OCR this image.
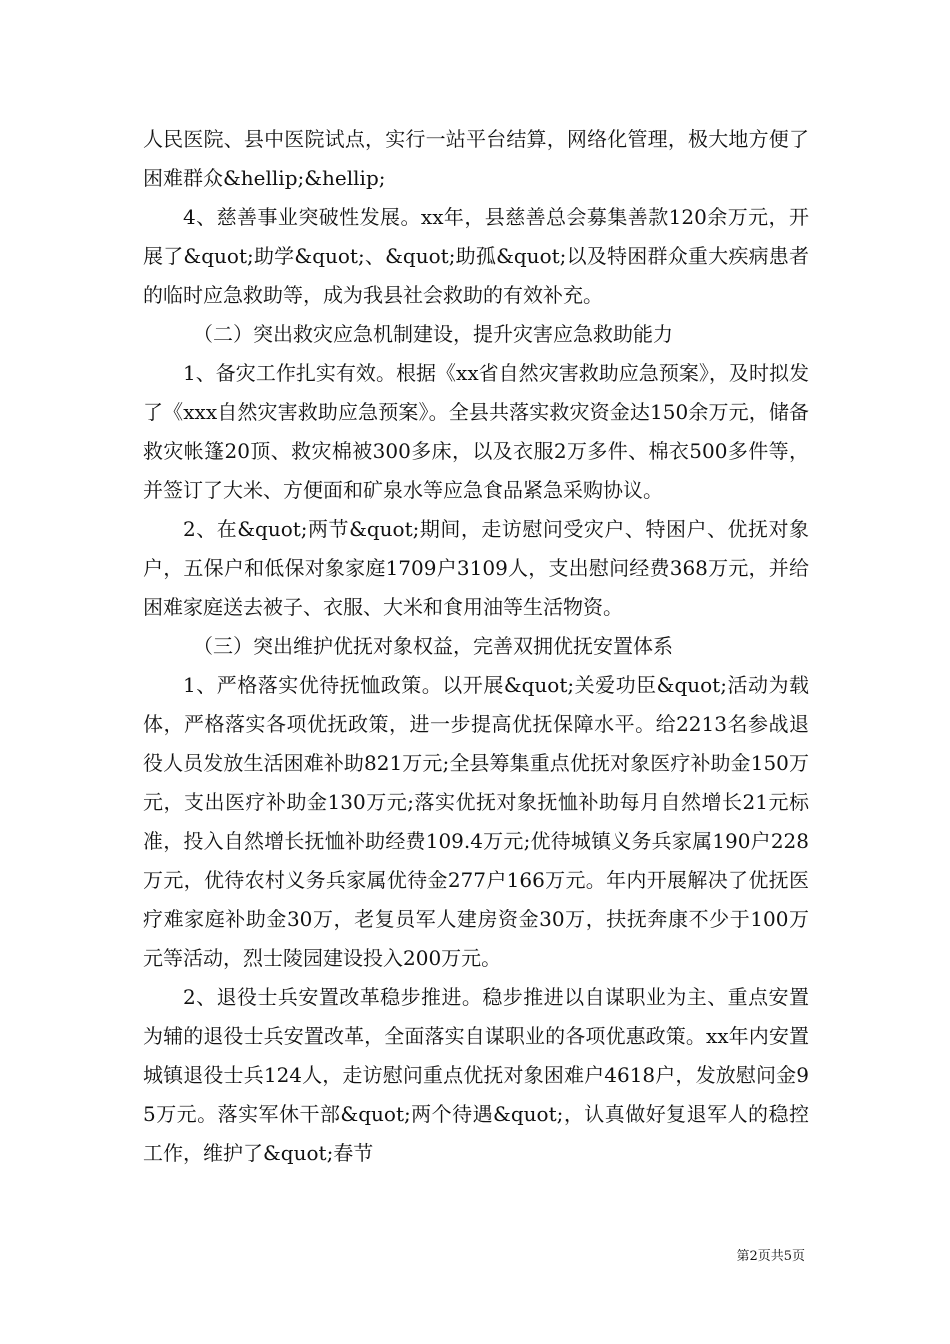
人民医院、县中医院试点，实行一站平台结算，网络化管理，极大地方便了困难群众&hellip;&hellip;

4、慈善事业突破性发展。xx年，县慈善总会募集善款120余万元，开展了&quot;助学&quot;、&quot;助孤&quot;以及特困群众重大疾病患者的临时应急救助等，成为我县社会救助的有效补充。

（二）突出救灾应急机制建设，提升灾害应急救助能力

1、备灾工作扎实有效。根据《xx省自然灾害救助应急预案》，及时拟发了《xxx自然灾害救助应急预案》。全县共落实救灾资金达150余万元，储备救灾帐篷20顶、救灾棉被300多床，以及衣服2万多件、棉衣500多件等，并签订了大米、方便面和矿泉水等应急食品紧急采购协议。

2、在&quot;两节&quot;期间，走访慰问受灾户、特困户、优抚对象户，五保户和低保对象家庭1709户3109人，支出慰问经费368万元，并给困难家庭送去被子、衣服、大米和食用油等生活物资。

（三）突出维护优抚对象权益，完善双拥优抚安置体系

1、严格落实优待抚恤政策。以开展&quot;关爱功臣&quot;活动为载体，严格落实各项优抚政策，进一步提高优抚保障水平。给2213名参战退役人员发放生活困难补助821万元;全县筹集重点优抚对象医疗补助金150万元，支出医疗补助金130万元;落实优抚对象抚恤补助每月自然增长21元标准，投入自然增长抚恤补助经费109.4万元;优待城镇义务兵家属190户228万元，优待农村义务兵家属优待金277户166万元。年内开展解决了优抚医疗难家庭补助金30万，老复员军人建房资金30万，扶抚奔康不少于100万元等活动，烈士陵园建设投入200万元。

2、退役士兵安置改革稳步推进。稳步推进以自谋职业为主、重点安置为辅的退役士兵安置改革，全面落实自谋职业的各项优惠政策。xx年内安置城镇退役士兵124人，走访慰问重点优抚对象困难户4618户，发放慰问金95万元。落实军休干部&quot;两个待遇&quot;，认真做好复退军人的稳控工作，维护了&quot;春节

第2页共5页
